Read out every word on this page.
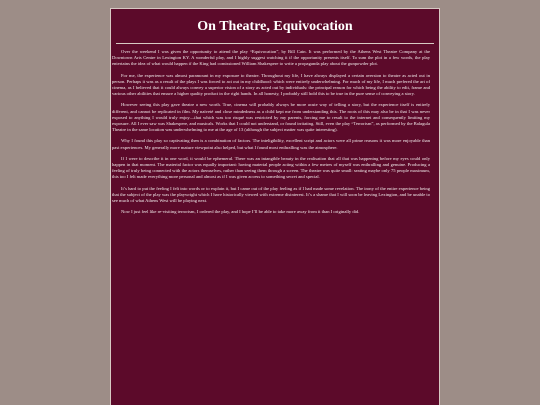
On Theatre, Equivocation

Over the weekend I was given the opportunity to attend the play “Equivocation”, by Bill Cain. It was performed by the Athens West Theatre Company at the Downtown Arts Centre in Lexington KY. A wonderful play, and I highly suggest watching it if the opportunity presents itself. To sum the plot in a few words, the play entertains the idea of what would happen if the King had comissioned William Shakespere to write a propaganda play about the gunpowder plot.

For me, the experience was almost paramount in my exposure to theatre. Throughout my life, I have always displayed a certain aversion to theatre as acted out in person. Perhaps it was as a result of the plays I was forced to act out in my childhood: which were entirely underwhelming. For much of my life, I much prefered the art of cinema, as I believed that it could always convey a superior vision of a story as acted out by individuals: the principal reason for which being the ability to edit, frame and various other abilities that ensure a higher quality product in the right hands. In all honesty, I probably still hold this to be true in the pure sense of conveying a story.

However seeing this play gave theatre a new worth. True, cinema will probably always be more acute way of telling a story, but the experience itself is entirely different, and cannot be replicated in film. My naïveté and close mindedness as a child kept me from understanding this. The roots of this may also be in that I was never exposed to anything I would truly enjoy—that which was too risqué was restricted by my parents, forcing me to result to the internet and consequently limiting my exposure. All I ever saw was Shakespere, and musicals. Works that I could not understand, or found irritating. Still, even the play “Terrorism”, as performed by the Balagula Theatre in the same location was underwhelming to me at the age of 13 (although the subject matter was quite interesting).

Why I found this play so captivating then is a combination of factors. The inteligibility, excellent script and actors were all prime reasons it was more enjoyable than past experiences. My generally more mature viewpoint also helped, but what I found most enthralling was the atmosphere.

If I were to describe it in one word, it would be ephemeral. There was an intangible beauty in the realisation that all that was happening before my eyes could only happen in that moment. The material factor was equally important: having material people acting within a few metres of myself was enthralling and genuine. Producing a feeling of truly being connected with the actors themselves, rather than seeing them through a screen. The theatre was quite small: seating maybe only 75 people maximum, this too I felt made everything more personal and almost as if I was given access to something secret and special.

It’s hard to put the feeling I felt into words or to explain it, but I came out of the play feeling as if I had made some revelation. The irony of the entire experience being that the subject of the play was the playwright which I have historically viewed with extreme disinterest. It’s a shame that I will soon be leaving Lexington, and be unable to see much of what Athens West will be playing next.

Now I just feel like re-visiting terrorism, I ordered the play, and I hope I’ll be able to take more away from it than I originally did.
